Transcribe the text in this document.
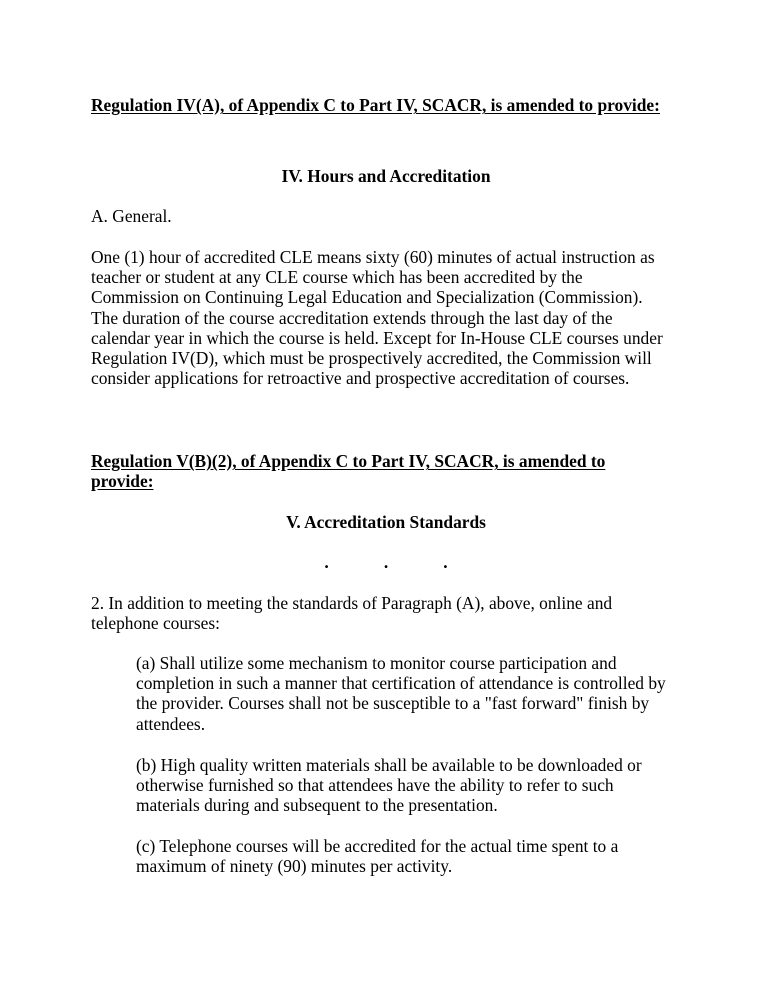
Regulation IV(A), of Appendix C to Part IV, SCACR, is amended to provide:

IV. Hours and Accreditation

A. General.

One (1) hour of accredited CLE means sixty (60) minutes of actual instruction as
teacher or student at any CLE course which has been accredited by the
Commission on Continuing Legal Education and Specialization (Commission).
The duration of the course accreditation extends through the last day of the
calendar year in which the course is held. Except for In-House CLE courses under
Regulation IV(D), which must be prospectively accredited, the Commission will
consider applications for retroactive and prospective accreditation of courses.
Regulation V(B)(2), of Appendix C to Part IV, SCACR, is amended to
provide:

V. Accreditation Standards

.   .   .

2. In addition to meeting the standards of Paragraph (A), above, online and
telephone courses:
(a) Shall utilize some mechanism to monitor course participation and
completion in such a manner that certification of attendance is controlled by
the provider. Courses shall not be susceptible to a "fast forward" finish by
attendees.
(b) High quality written materials shall be available to be downloaded or
otherwise furnished so that attendees have the ability to refer to such
materials during and subsequent to the presentation.
(c) Telephone courses will be accredited for the actual time spent to a
maximum of ninety (90) minutes per activity.
